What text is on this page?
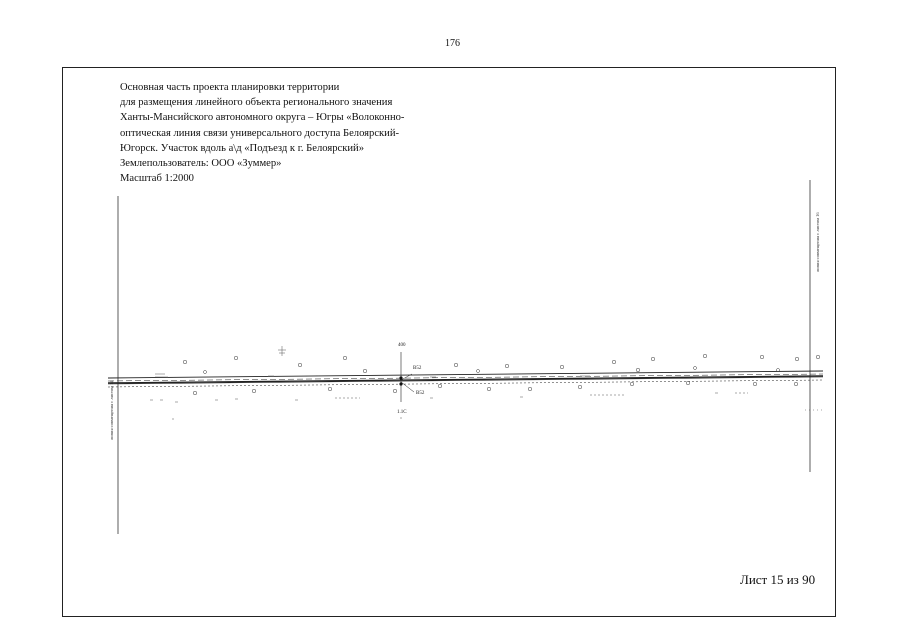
176
Основная часть проекта планировки территории
для размещения линейного объекта регионального значения
Ханты-Мансийского автономного округа – Югры «Волоконно-
оптическая линия связи универсального доступа Белоярский-
Югорск. Участок вдоль а\д «Подъезд к г. Белоярский»
Землепользователь: ООО «Зуммер»
Масштаб 1:2000
400
В52
В52
1.1С
линия совмещения с листом 14
линия совмещения с листом 16
Лист 15 из 90
